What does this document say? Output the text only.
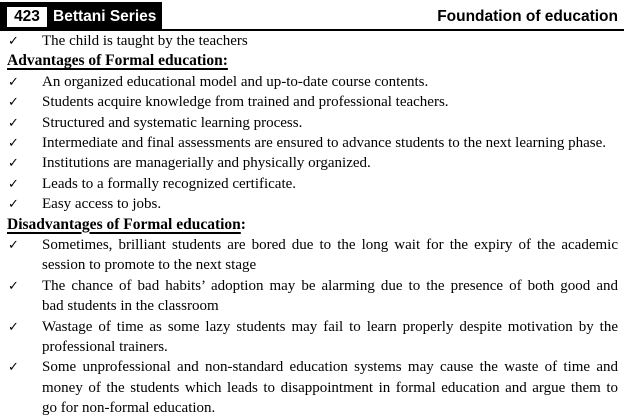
423 Bettani Series	Foundation of education
✓ The child is taught by the teachers
Advantages of Formal education:
✓ An organized educational model and up-to-date course contents.
✓ Students acquire knowledge from trained and professional teachers.
✓ Structured and systematic learning process.
✓ Intermediate and final assessments are ensured to advance students to the next learning phase.
✓ Institutions are managerially and physically organized.
✓ Leads to a formally recognized certificate.
✓ Easy access to jobs.
Disadvantages of Formal education:
✓ Sometimes, brilliant students are bored due to the long wait for the expiry of the academic
session to promote to the next stage
✓ The chance of bad habits’ adoption may be alarming due to the presence of both good and
bad students in the classroom
✓ Wastage of time as some lazy students may fail to learn properly despite motivation by the
professional trainers.
✓ Some unprofessional and non-standard education systems may cause the waste of time and
money of the students which leads to disappointment in formal education and argue them to
go for non-formal education.
